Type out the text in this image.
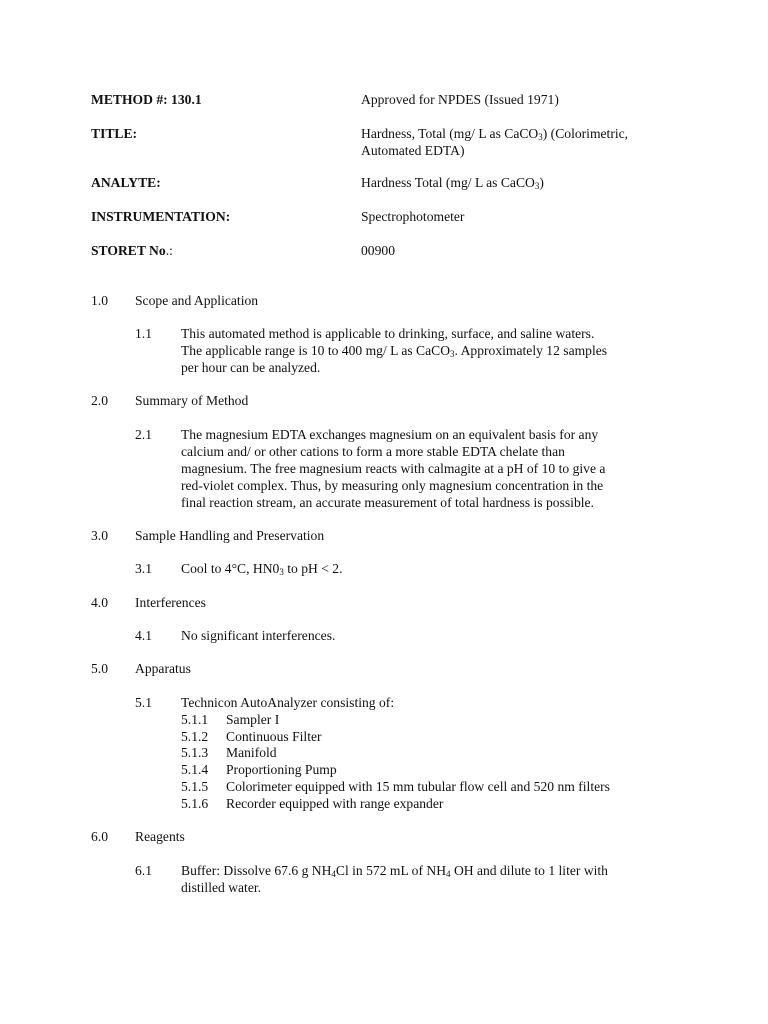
METHOD #: 130.1	Approved for NPDES (Issued 1971)
TITLE:	Hardness, Total (mg/ L as CaCO$_3$) (Colorimetric,
Automated EDTA)
ANALYTE:	Hardness Total (mg/ L as CaCO$_3$)
INSTRUMENTATION:	Spectrophotometer
STORET No.:	00900
1.0 Scope and Application
1.1 This automated method is applicable to drinking, surface, and saline waters.
The applicable range is 10 to 400 mg/ L as CaCO$_3$. Approximately 12 samples
per hour can be analyzed.
2.0 Summary of Method
2.1 The magnesium EDTA exchanges magnesium on an equivalent basis for any
calcium and/ or other cations to form a more stable EDTA chelate than
magnesium. The free magnesium reacts with calmagite at a pH of 10 to give a
red-violet complex. Thus, by measuring only magnesium concentration in the
final reaction stream, an accurate measurement of total hardness is possible.
3.0 Sample Handling and Preservation
3.1 Cool to 4°C, $HN0_3$ to pH < 2.
4.0 Interferences
4.1 No significant interferences.
5.0 Apparatus
5.1 Technicon AutoAnalyzer consisting of:
5.1.1 Sampler I
5.1.2 Continuous Filter
5.1.3 Manifold
5.1.4 Proportioning Pump
5.1.5 Colorimeter equipped with 15 mm tubular flow cell and 520 nm filters
5.1.6 Recorder equipped with range expander
6.0 Reagents
6.1 Buffer: Dissolve 67.6 g $NH_4Cl$ in 572 mL of $NH_4$ OH and dilute to 1 liter with
distilled water.
